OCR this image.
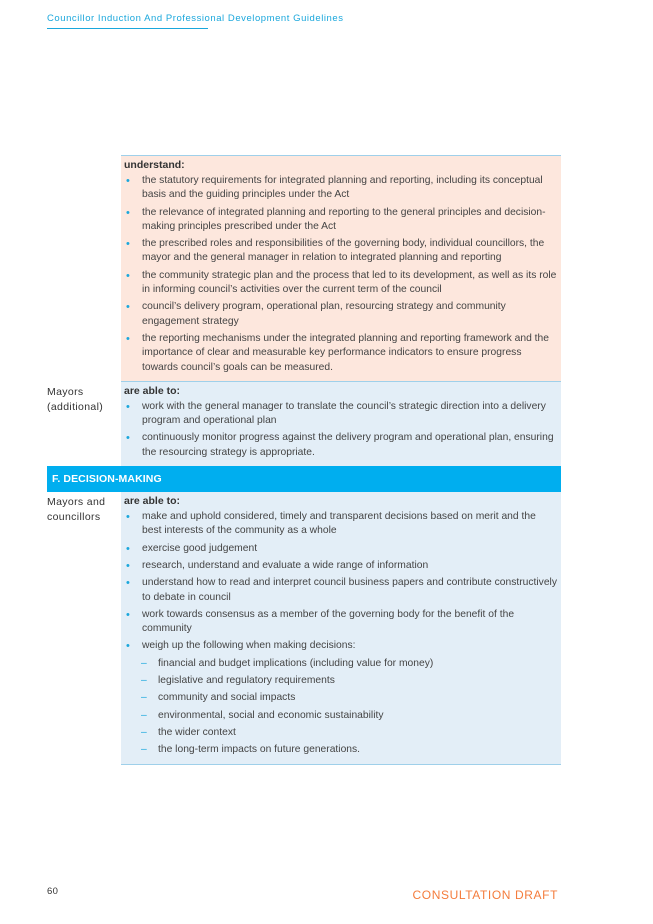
Councillor Induction And Professional Development Guidelines
understand:
• the statutory requirements for integrated planning and reporting, including its conceptual basis and the guiding principles under the Act
• the relevance of integrated planning and reporting to the general principles and decision-making principles prescribed under the Act
• the prescribed roles and responsibilities of the governing body, individual councillors, the mayor and the general manager in relation to integrated planning and reporting
• the community strategic plan and the process that led to its development, as well as its role in informing council’s activities over the current term of the council
• council’s delivery program, operational plan, resourcing strategy and community engagement strategy
• the reporting mechanisms under the integrated planning and reporting framework and the importance of clear and measurable key performance indicators to ensure progress towards council’s goals can be measured.
Mayors
(additional)
are able to:
• work with the general manager to translate the council’s strategic direction into a delivery program and operational plan
• continuously monitor progress against the delivery program and operational plan, ensuring the resourcing strategy is appropriate.
F. DECISION-MAKING
Mayors and
councillors
are able to:
• make and uphold considered, timely and transparent decisions based on merit and the best interests of the community as a whole
• exercise good judgement
• research, understand and evaluate a wide range of information
• understand how to read and interpret council business papers and contribute constructively to debate in council
• work towards consensus as a member of the governing body for the benefit of the community
• weigh up the following when making decisions:
– financial and budget implications (including value for money)
– legislative and regulatory requirements
– community and social impacts
– environmental, social and economic sustainability
– the wider context
– the long-term impacts on future generations.
60	CONSULTATION DRAFT
